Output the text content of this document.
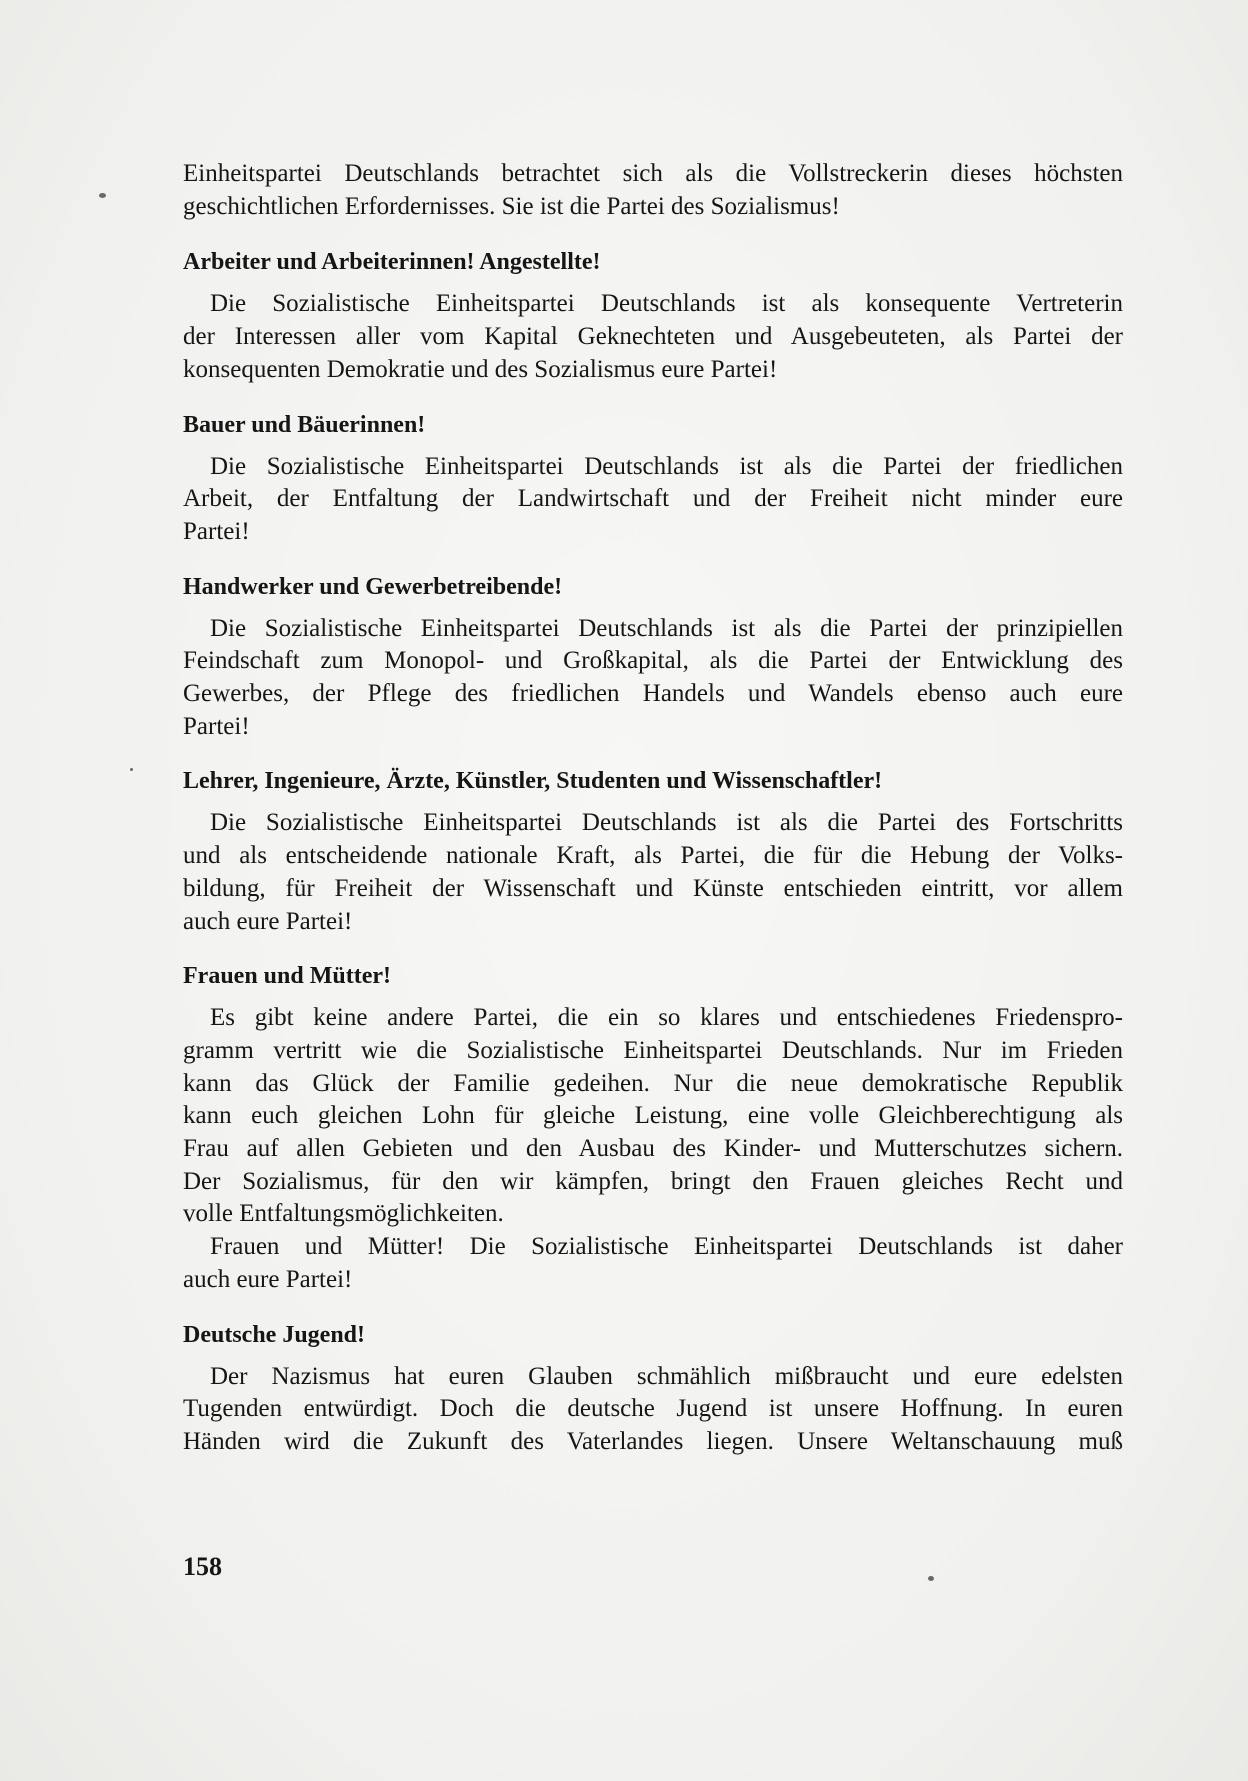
Einheitspartei Deutschlands betrachtet sich als die Vollstreckerin dieses höchsten
geschichtlichen Erfordernisses. Sie ist die Partei des Sozialismus!

Arbeiter und Arbeiterinnen! Angestellte!

Die Sozialistische Einheitspartei Deutschlands ist als konsequente Vertreterin
der Interessen aller vom Kapital Geknechteten und Ausgebeuteten, als Partei der
konsequenten Demokratie und des Sozialismus eure Partei!

Bauer und Bäuerinnen!

Die Sozialistische Einheitspartei Deutschlands ist als die Partei der friedlichen
Arbeit, der Entfaltung der Landwirtschaft und der Freiheit nicht minder eure
Partei!

Handwerker und Gewerbetreibende!

Die Sozialistische Einheitspartei Deutschlands ist als die Partei der prinzipiellen
Feindschaft zum Monopol- und Großkapital, als die Partei der Entwicklung des
Gewerbes, der Pflege des friedlichen Handels und Wandels ebenso auch eure
Partei!

Lehrer, Ingenieure, Ärzte, Künstler, Studenten und Wissenschaftler!

Die Sozialistische Einheitspartei Deutschlands ist als die Partei des Fortschritts
und als entscheidende nationale Kraft, als Partei, die für die Hebung der Volks-
bildung, für Freiheit der Wissenschaft und Künste entschieden eintritt, vor allem
auch eure Partei!

Frauen und Mütter!

Es gibt keine andere Partei, die ein so klares und entschiedenes Friedenspro-
gramm vertritt wie die Sozialistische Einheitspartei Deutschlands. Nur im Frieden
kann das Glück der Familie gedeihen. Nur die neue demokratische Republik
kann euch gleichen Lohn für gleiche Leistung, eine volle Gleichberechtigung als
Frau auf allen Gebieten und den Ausbau des Kinder- und Mutterschutzes sichern.
Der Sozialismus, für den wir kämpfen, bringt den Frauen gleiches Recht und
volle Entfaltungsmöglichkeiten.

Frauen und Mütter! Die Sozialistische Einheitspartei Deutschlands ist daher
auch eure Partei!

Deutsche Jugend!

Der Nazismus hat euren Glauben schmählich mißbraucht und eure edelsten
Tugenden entwürdigt. Doch die deutsche Jugend ist unsere Hoffnung. In euren
Händen wird die Zukunft des Vaterlandes liegen. Unsere Weltanschauung muß

158
